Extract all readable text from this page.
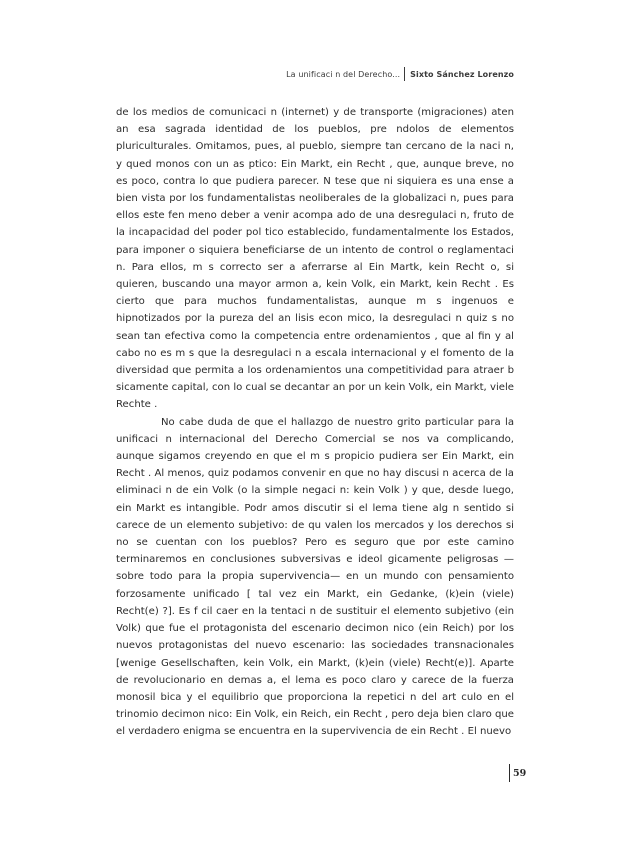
La unificaci n del Derecho... Sixto Sánchez Lorenzo

de los medios de comunicaci n (internet) y de transporte (migraciones) aten an esa sagrada identidad de los pueblos, pre ndolos de elementos pluriculturales. Omitamos, pues, al pueblo, siempre tan cercano de la naci n, y qued monos con un as ptico: Ein Markt, ein Recht , que, aunque breve, no es poco, contra lo que pudiera parecer. N tese que ni siquiera es una ense a bien vista por los fundamentalistas neoliberales de la globalizaci n, pues para ellos este fen meno deber a venir acompa ado de una desregulaci n, fruto de la incapacidad del poder pol tico establecido, fundamentalmente los Estados, para imponer o siquiera beneficiarse de un intento de control o reglamentaci n. Para ellos, m s correcto ser a aferrarse al Ein Martk, kein Recht o, si quieren, buscando una mayor armon a, kein Volk, ein Markt, kein Recht . Es cierto que para muchos fundamentalistas, aunque m s ingenuos e hipnotizados por la pureza del an lisis econ mico, la desregulaci n quiz s no sean tan efectiva como la competencia entre ordenamientos , que al fin y al cabo no es m s que la desregulaci n a escala internacional y el fomento de la diversidad que permita a los ordenamientos una competitividad para atraer b sicamente capital, con lo cual se decantar an por un kein Volk, ein Markt, viele Rechte .

No cabe duda de que el hallazgo de nuestro grito particular para la unificaci n internacional del Derecho Comercial se nos va complicando, aunque sigamos creyendo en que el m s propicio pudiera ser Ein Markt, ein Recht . Al menos, quiz podamos convenir en que no hay discusi n acerca de la eliminaci n de ein Volk (o la simple negaci n: kein Volk ) y que, desde luego, ein Markt es intangible. Podr amos discutir si el lema tiene alg n sentido si carece de un elemento subjetivo: de qu valen los mercados y los derechos si no se cuentan con los pueblos? Pero es seguro que por este camino terminaremos en conclusiones subversivas e ideol gicamente peligrosas —sobre todo para la propia supervivencia— en un mundo con pensamiento forzosamente unificado [ tal vez ein Markt, ein Gedanke, (k)ein (viele) Recht(e) ?]. Es f cil caer en la tentaci n de sustituir el elemento subjetivo (ein Volk) que fue el protagonista del escenario decimon nico (ein Reich) por los nuevos protagonistas del nuevo escenario: las sociedades transnacionales [wenige Gesellschaften, kein Volk, ein Markt, (k)ein (viele) Recht(e)]. Aparte de revolucionario en demas a, el lema es poco claro y carece de la fuerza monosil bica y el equilibrio que proporciona la repetici n del art culo en el trinomio decimon nico: Ein Volk, ein Reich, ein Recht , pero deja bien claro que el verdadero enigma se encuentra en la supervivencia de ein Recht . El nuevo

59
